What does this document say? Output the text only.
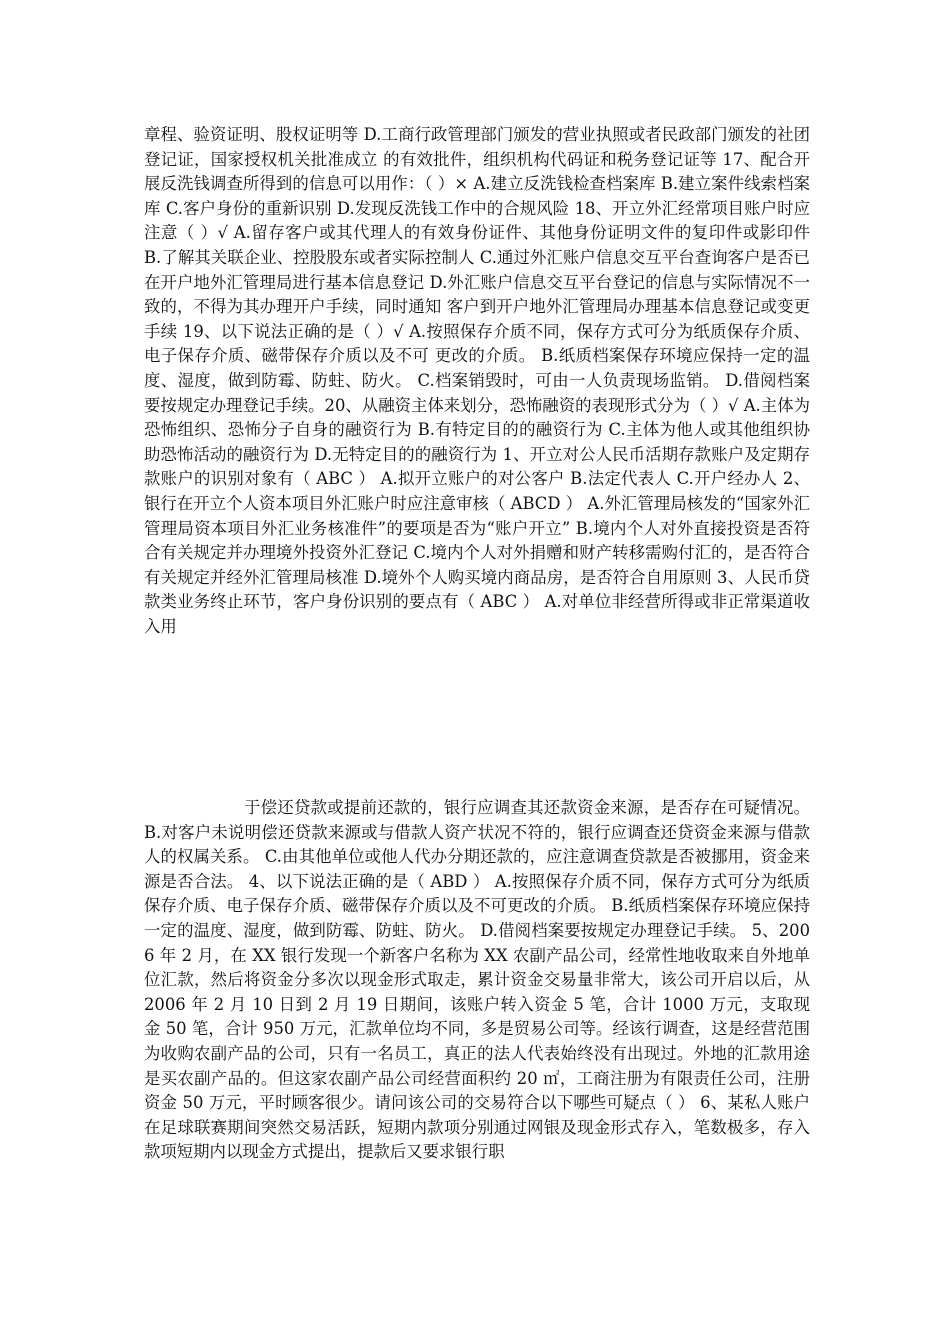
章程、验资证明、股权证明等 D.工商行政管理部门颁发的营业执照或者民政部门颁发的社团登记证，国家授权机关批准成立 的有效批件，组织机构代码证和税务登记证等 17、配合开展反洗钱调查所得到的信息可以用作：（ ）× A.建立反洗钱检查档案库 B.建立案件线索档案库 C.客户身份的重新识别 D.发现反洗钱工作中的合规风险 18、开立外汇经常项目账户时应注意（ ）√ A.留存客户或其代理人的有效身份证件、其他身份证明文件的复印件或影印件 B.了解其关联企业、控股股东或者实际控制人 C.通过外汇账户信息交互平台查询客户是否已在开户地外汇管理局进行基本信息登记 D.外汇账户信息交互平台登记的信息与实际情况不一致的，不得为其办理开户手续，同时通知 客户到开户地外汇管理局办理基本信息登记或变更手续 19、以下说法正确的是（ ）√ A.按照保存介质不同，保存方式可分为纸质保存介质、电子保存介质、磁带保存介质以及不可 更改的介质。 B.纸质档案保存环境应保持一定的温度、湿度，做到防霉、防蛀、防火。 C.档案销毁时，可由一人负责现场监销。 D.借阅档案要按规定办理登记手续。20、从融资主体来划分，恐怖融资的表现形式分为（ ）√ A.主体为恐怖组织、恐怖分子自身的融资行为 B.有特定目的的融资行为 C.主体为他人或其他组织协助恐怖活动的融资行为 D.无特定目的的融资行为 1、开立对公人民币活期存款账户及定期存款账户的识别对象有（ ABC ） A.拟开立账户的对公客户 B.法定代表人 C.开户经办人 2、银行在开立个人资本项目外汇账户时应注意审核（ ABCD ） A.外汇管理局核发的“国家外汇管理局资本项目外汇业务核准件”的要项是否为“账户开立” B.境内个人对外直接投资是否符合有关规定并办理境外投资外汇登记 C.境内个人对外捐赠和财产转移需购付汇的，是否符合有关规定并经外汇管理局核准 D.境外个人购买境内商品房，是否符合自用原则 3、人民币贷款类业务终止环节，客户身份识别的要点有（ ABC ） A.对单位非经营所得或非正常渠道收入用

于偿还贷款或提前还款的，银行应调查其还款资金来源，是否存在可疑情况。 B.对客户未说明偿还贷款来源或与借款人资产状况不符的，银行应调查还贷资金来源与借款人的权属关系。 C.由其他单位或他人代办分期还款的，应注意调查贷款是否被挪用，资金来源是否合法。 4、以下说法正确的是（ ABD ） A.按照保存介质不同，保存方式可分为纸质保存介质、电子保存介质、磁带保存介质以及不可更改的介质。 B.纸质档案保存环境应保持一定的温度、湿度，做到防霉、防蛀、防火。 D.借阅档案要按规定办理登记手续。 5、2006 年 2 月，在 XX 银行发现一个新客户名称为 XX 农副产品公司，经常性地收取来自外地单位汇款，然后将资金分多次以现金形式取走，累计资金交易量非常大，该公司开启以后，从 2006 年 2 月 10 日到 2 月 19 日期间，该账户转入资金 5 笔，合计 1000 万元，支取现金 50 笔，合计 950 万元，汇款单位均不同，多是贸易公司等。经该行调查，这是经营范围为收购农副产品的公司，只有一名员工，真正的法人代表始终没有出现过。外地的汇款用途是买农副产品的。但这家农副产品公司经营面积约 20 ㎡，工商注册为有限责任公司，注册资金 50 万元，平时顾客很少。请问该公司的交易符合以下哪些可疑点（ ） 6、某私人账户在足球联赛期间突然交易活跃，短期内款项分别通过网银及现金形式存入，笔数极多，存入款项短期内以现金方式提出，提款后又要求银行职
